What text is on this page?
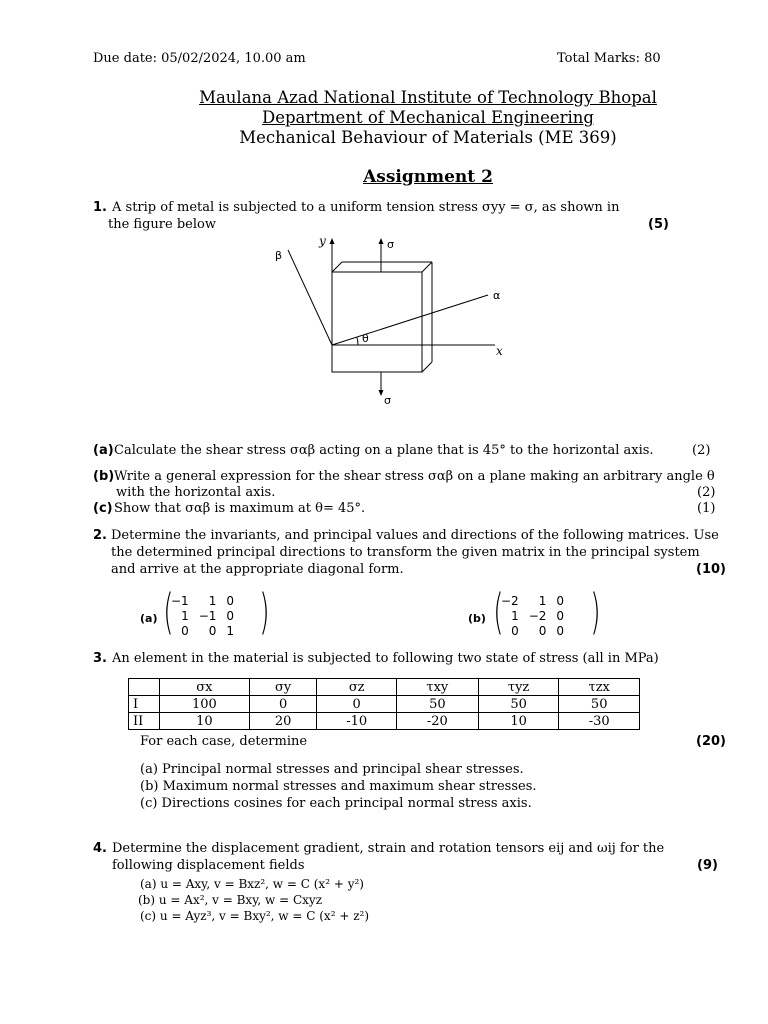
Due date: 05/02/2024, 10.00 am	Total Marks: 80
Maulana Azad National Institute of Technology Bhopal
Department of Mechanical Engineering
Mechanical Behaviour of Materials (ME 369)
Assignment 2
1. A strip of metal is subjected to a uniform tension stress σyy = σ, as shown in
the figure below	(5)
y
β
σ
α
θ
x
σ
(a) Calculate the shear stress σαβ acting on a plane that is 45° to the horizontal axis.	(2)
(b) Write a general expression for the shear stress σαβ on a plane making an arbitrary angle θ
with the horizontal axis.	(2)
(c) Show that σαβ is maximum at θ= 45°.	(1)
2. Determine the invariants, and principal values and directions of the following matrices. Use
the determined principal directions to transform the given matrix in the principal system
and arrive at the appropriate diagonal form.	(10)
(a) (
−1	1	0
1	−1	0
0	0	1 )	(b) (
−2	1	0
1	−2	0
0	0	0 )
3. An element in the material is subjected to following two state of stress (all in MPa)
	σx	σy	σz	τxy	τyz	τzx
I	100	0	0	50	50	50
II	10	20	-10	-20	10	-30
For each case, determine	(20)
(a) Principal normal stresses and principal shear stresses.
(b) Maximum normal stresses and maximum shear stresses.
(c) Directions cosines for each principal normal stress axis.
4. Determine the displacement gradient, strain and rotation tensors eij and ωij for the
following displacement fields	(9)
(a) u = Axy, v = Bxz², w = C (x² + y²)
(b) u = Ax², v = Bxy, w = Cxyz
(c) u = Ayz³, v = Bxy², w = C (x² + z²)
